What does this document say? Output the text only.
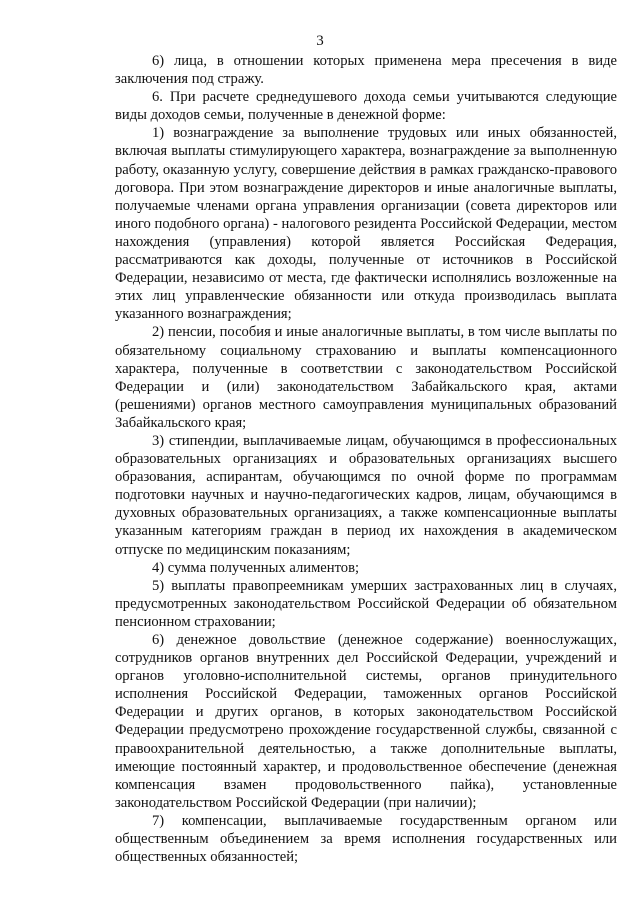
3

6) лица, в отношении которых применена мера пресечения в виде заключения под стражу.

6. При расчете среднедушевого дохода семьи учитываются следующие виды доходов семьи, полученные в денежной форме:

1) вознаграждение за выполнение трудовых или иных обязанностей, включая выплаты стимулирующего характера, вознаграждение за выполненную работу, оказанную услугу, совершение действия в рамках гражданско-правового договора. При этом вознаграждение директоров и иные аналогичные выплаты, получаемые членами органа управления организации (совета директоров или иного подобного органа) - налогового резидента Российской Федерации, местом нахождения (управления) которой является Российская Федерация, рассматриваются как доходы, полученные от источников в Российской Федерации, независимо от места, где фактически исполнялись возложенные на этих лиц управленческие обязанности или откуда производилась выплата указанного вознаграждения;

2) пенсии, пособия и иные аналогичные выплаты, в том числе выплаты по обязательному социальному страхованию и выплаты компенсационного характера, полученные в соответствии с законодательством Российской Федерации и (или) законодательством Забайкальского края, актами (решениями) органов местного самоуправления муниципальных образований Забайкальского края;

3) стипендии, выплачиваемые лицам, обучающимся в профессиональных образовательных организациях и образовательных организациях высшего образования, аспирантам, обучающимся по очной форме по программам подготовки научных и научно-педагогических кадров, лицам, обучающимся в духовных образовательных организациях, а также компенсационные выплаты указанным категориям граждан в период их нахождения в академическом отпуске по медицинским показаниям;

4) сумма полученных алиментов;

5) выплаты правопреемникам умерших застрахованных лиц в случаях, предусмотренных законодательством Российской Федерации об обязательном пенсионном страховании;

6) денежное довольствие (денежное содержание) военнослужащих, сотрудников органов внутренних дел Российской Федерации, учреждений и органов уголовно-исполнительной системы, органов принудительного исполнения Российской Федерации, таможенных органов Российской Федерации и других органов, в которых законодательством Российской Федерации предусмотрено прохождение государственной службы, связанной с правоохранительной деятельностью, а также дополнительные выплаты, имеющие постоянный характер, и продовольственное обеспечение (денежная компенсация взамен продовольственного пайка), установленные законодательством Российской Федерации (при наличии);

7) компенсации, выплачиваемые государственным органом или общественным объединением за время исполнения государственных или общественных обязанностей;
